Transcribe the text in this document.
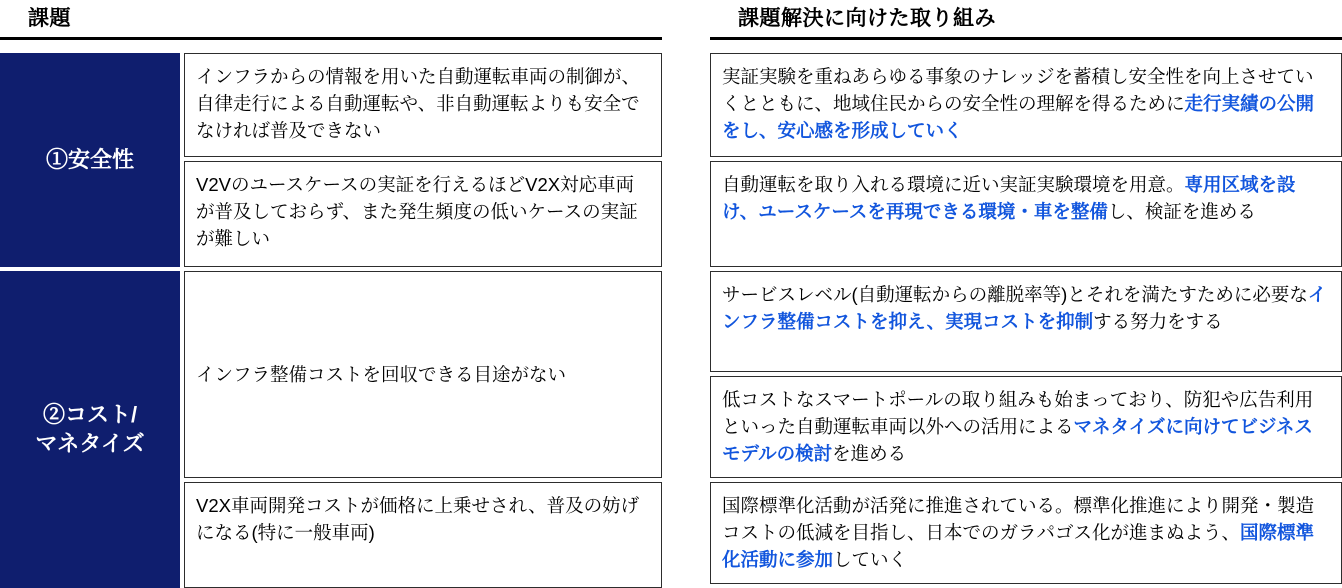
課題
①安全性
②コスト/
マネタイズ
インフラからの情報を用いた自動運転車両の制御が、自律走行による自動運転や、非自動運転よりも安全でなければ普及できない
V2Vのユースケースの実証を行えるほどV2X対応車両が普及しておらず、また発生頻度の低いケースの実証が難しい
インフラ整備コストを回収できる目途がない
V2X車両開発コストが価格に上乗せされ、普及の妨げになる(特に一般車両)
課題解決に向けた取り組み
実証実験を重ねあらゆる事象のナレッジを蓄積し安全性を向上させていくとともに、地域住民からの安全性の理解を得るために走行実績の公開をし、安心感を形成していく
自動運転を取り入れる環境に近い実証実験環境を用意。専用区域を設け、ユースケースを再現できる環境・車を整備し、検証を進める
サービスレベル(自動運転からの離脱率等)とそれを満たすために必要なインフラ整備コストを抑え、実現コストを抑制する努力をする
低コストなスマートポールの取り組みも始まっており、防犯や広告利用といった自動運転車両以外への活用によるマネタイズに向けてビジネスモデルの検討を進める
国際標準化活動が活発に推進されている。標準化推進により開発・製造コストの低減を目指し、日本でのガラパゴス化が進まぬよう、国際標準化活動に参加していく
